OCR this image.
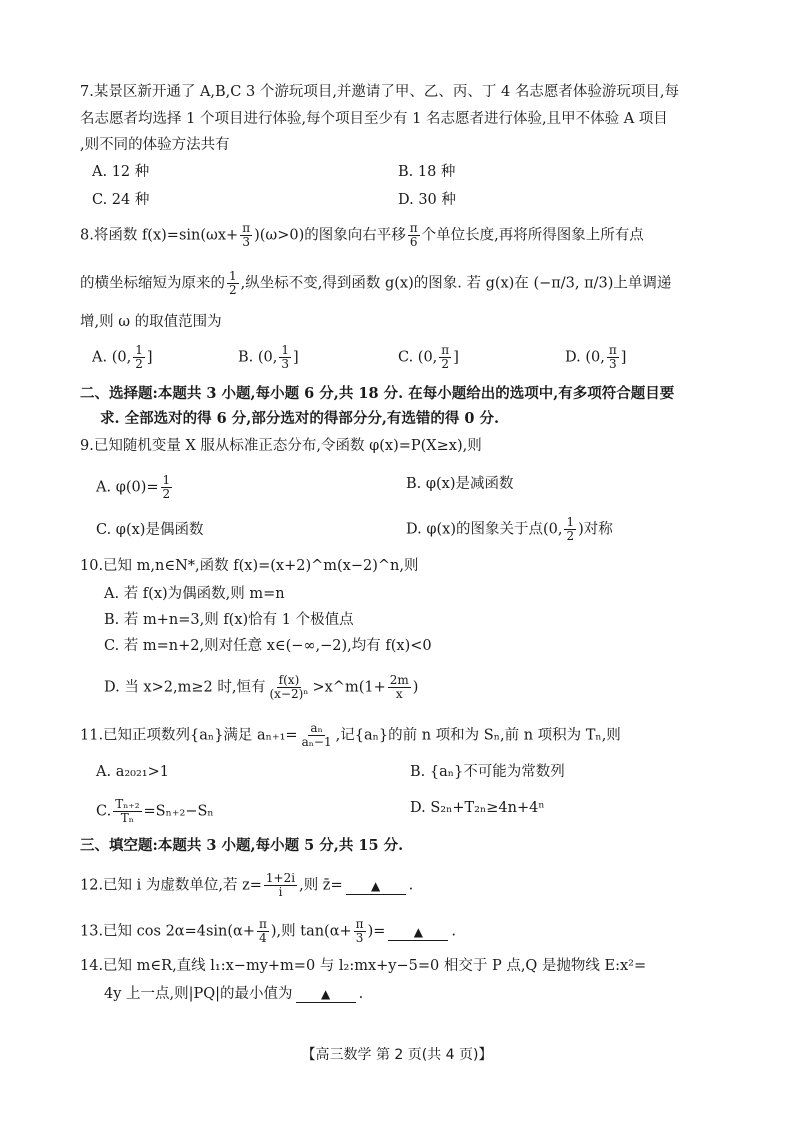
7.某景区新开通了 A,B,C 3 个游玩项目,并邀请了甲、乙、丙、丁 4 名志愿者体验游玩项目,每
名志愿者均选择 1 个项目进行体验,每个项目至少有 1 名志愿者进行体验,且甲不体验 A 项目
,则不同的体验方法共有
A. 12 种	B. 18 种
C. 24 种	D. 30 种
8.将函数 $f(x)=\sin(\omega x+ \frac{\pi}{3} )(\omega>0)$的图象向右平移 $\frac{\pi}{6}$ 个单位长度,再将所得图象上所有点
的横坐标缩短为原来的 $\frac{1}{2}$ ,纵坐标不变,得到函数 g(x)的图象. 若 g(x)在 (−π/3, π/3)上单调递
增,则 ω 的取值范围为
A. (0, $\frac{1}{2}$ ]	B. (0, $\frac{1}{3}$ ]	C. (0, $\frac{\pi}{2}$ ]	D. (0, $\frac{\pi}{3}$ ]
二、选择题:本题共 3 小题,每小题 6 分,共 18 分. 在每小题给出的选项中,有多项符合题目要
求. 全部选对的得 6 分,部分选对的得部分分,有选错的得 0 分.
9.已知随机变量 X 服从标准正态分布,令函数 φ(x)=P(X≥x),则
A. $\varphi(0)= \frac{1}{2}$	B. φ(x)是减函数
C. φ(x)是偶函数	D. φ(x)的图象关于点(0, $\frac{1}{2}$ )对称
10.已知 m,n∈N*,函数 f(x)=(x+2)^m(x−2)^n,则
A. 若 f(x)为偶函数,则 m=n
B. 若 m+n=3,则 f(x)恰有 1 个极值点
C. 若 m=n+2,则对任意 x∈(−∞,−2),均有 f(x)<0
D. 当 x>2,m≥2 时,恒有 $\frac{f(x)}{\text{(x−2)ⁿ}}$ >x^m(1+ $\frac{2m}{x}$ )
11.已知正项数列{aₙ}满足 $a_{n+1}= \frac{\text{aₙ}}{\text{aₙ−1}}$ ,记{aₙ}的前 n 项和为 Sₙ,前 n 项积为 Tₙ,则
A. a₂₀₂₁>1	B. {aₙ}不可能为常数列
C. $\frac{\text{Tₙ₊₂}}{\text{Tₙ}} =S_{n+2}-S_n$	D. S₂ₙ+T₂ₙ≥4n+4ⁿ
三、填空题:本题共 3 小题,每小题 5 分,共 15 分.
12.已知 i 为虚数单位,若 $z= \frac{1+2i}{i}$ ,则 z̄= ▲ .
13.已知 $\cos 2\alpha=4\sin(\alpha+ \frac{\pi}{4}$ ),则 $\tan(\alpha+ \frac{\pi}{3}$ )= ▲ .
14.已知 m∈R,直线 l₁:x−my+m=0 与 l₂:mx+y−5=0 相交于 P 点,Q 是抛物线 E:x²=
4y 上一点,则|PQ|的最小值为 ▲ .
【高三数学 第 2 页(共 4 页)】
